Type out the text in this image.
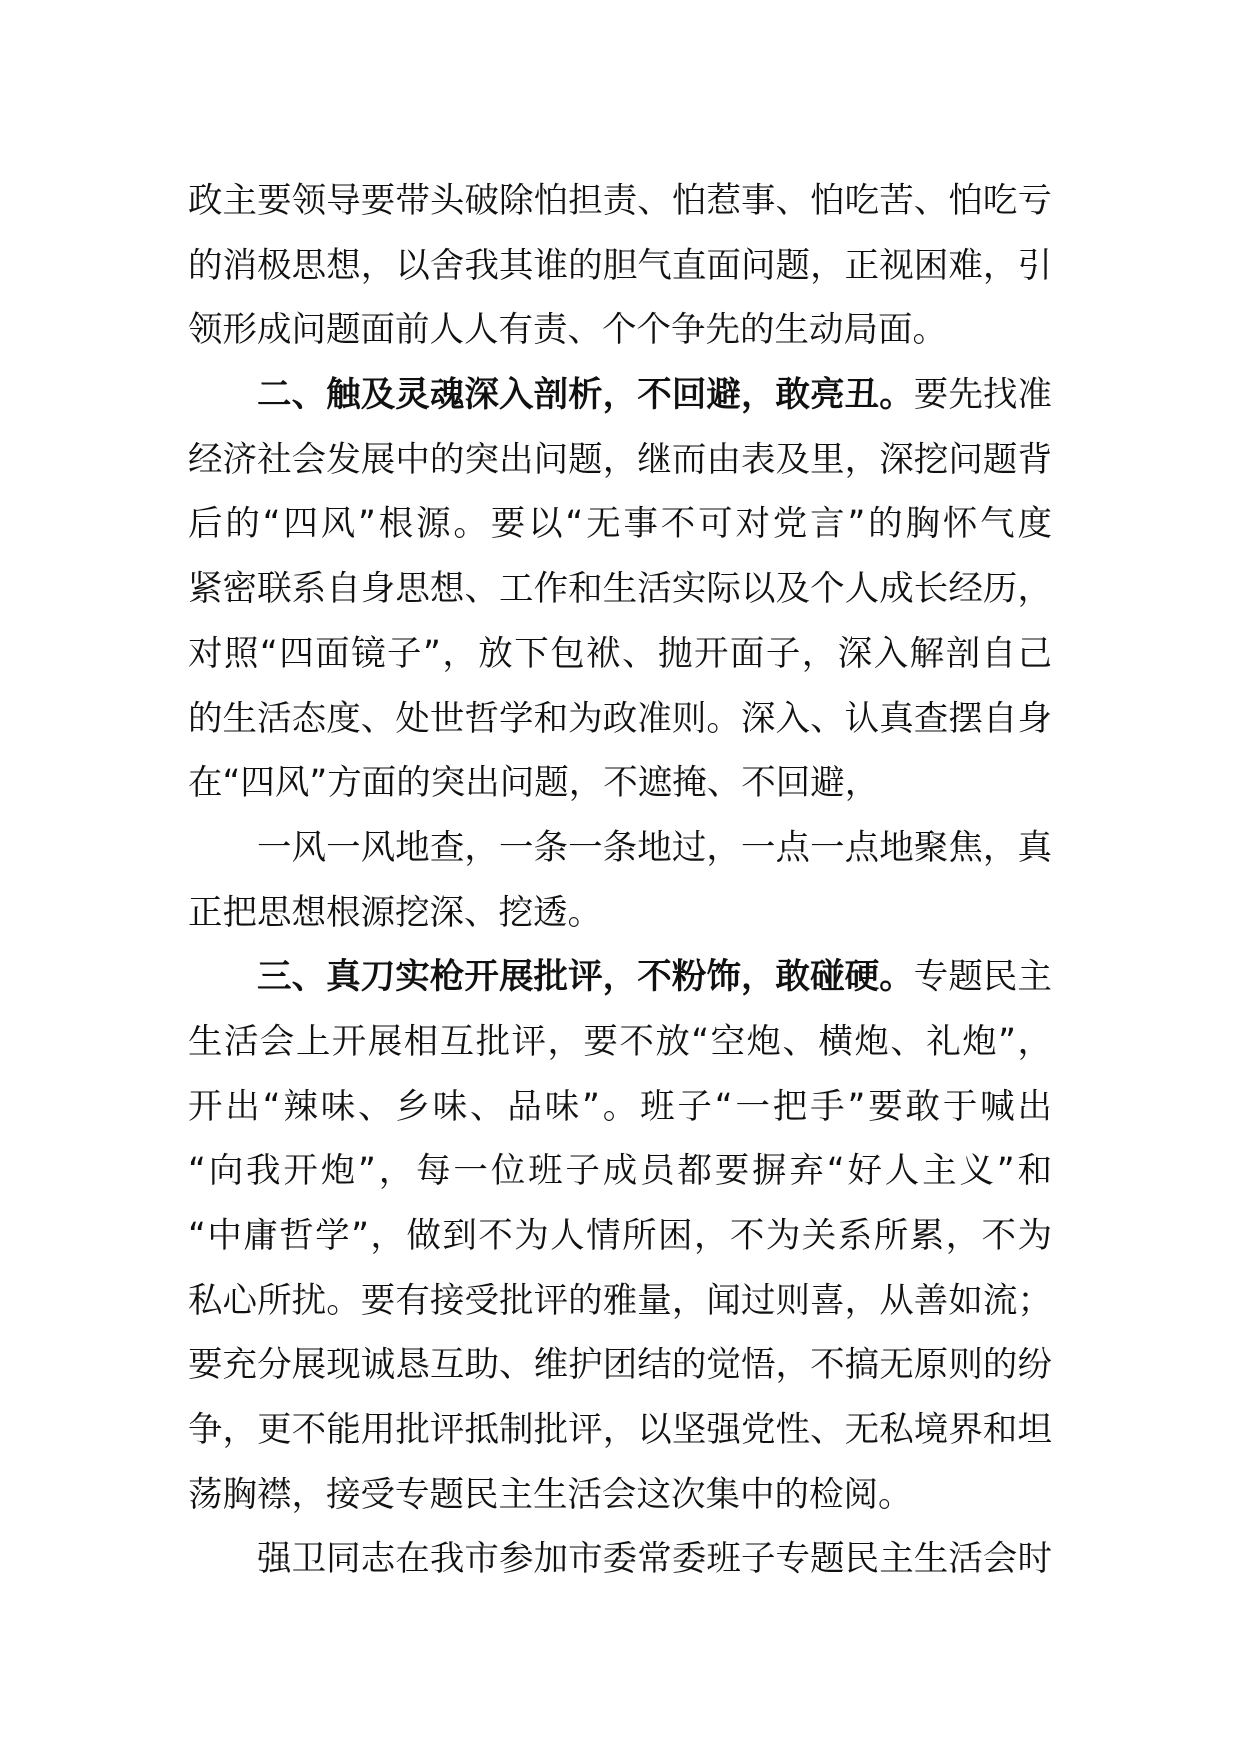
政主要领导要带头破除怕担责、怕惹事、怕吃苦、怕吃亏
的消极思想，以舍我其谁的胆气直面问题，正视困难，引
领形成问题面前人人有责、个个争先的生动局面。
二、触及灵魂深入剖析，不回避，敢亮丑。要先找准
经济社会发展中的突出问题，继而由表及里，深挖问题背
后的“四风”根源。要以“无事不可对党言”的胸怀气度
紧密联系自身思想、工作和生活实际以及个人成长经历，
对照“四面镜子”，放下包袱、抛开面子，深入解剖自己
的生活态度、处世哲学和为政准则。深入、认真查摆自身
在“四风”方面的突出问题，不遮掩、不回避，
一风一风地查，一条一条地过，一点一点地聚焦，真
正把思想根源挖深、挖透。
三、真刀实枪开展批评，不粉饰，敢碰硬。专题民主
生活会上开展相互批评，要不放“空炮、横炮、礼炮”，
开出“辣味、乡味、品味”。班子“一把手”要敢于喊出
“向我开炮”，每一位班子成员都要摒弃“好人主义”和
“中庸哲学”，做到不为人情所困，不为关系所累，不为
私心所扰。要有接受批评的雅量，闻过则喜，从善如流；
要充分展现诚恳互助、维护团结的觉悟，不搞无原则的纷
争，更不能用批评抵制批评，以坚强党性、无私境界和坦
荡胸襟，接受专题民主生活会这次集中的检阅。
强卫同志在我市参加市委常委班子专题民主生活会时
